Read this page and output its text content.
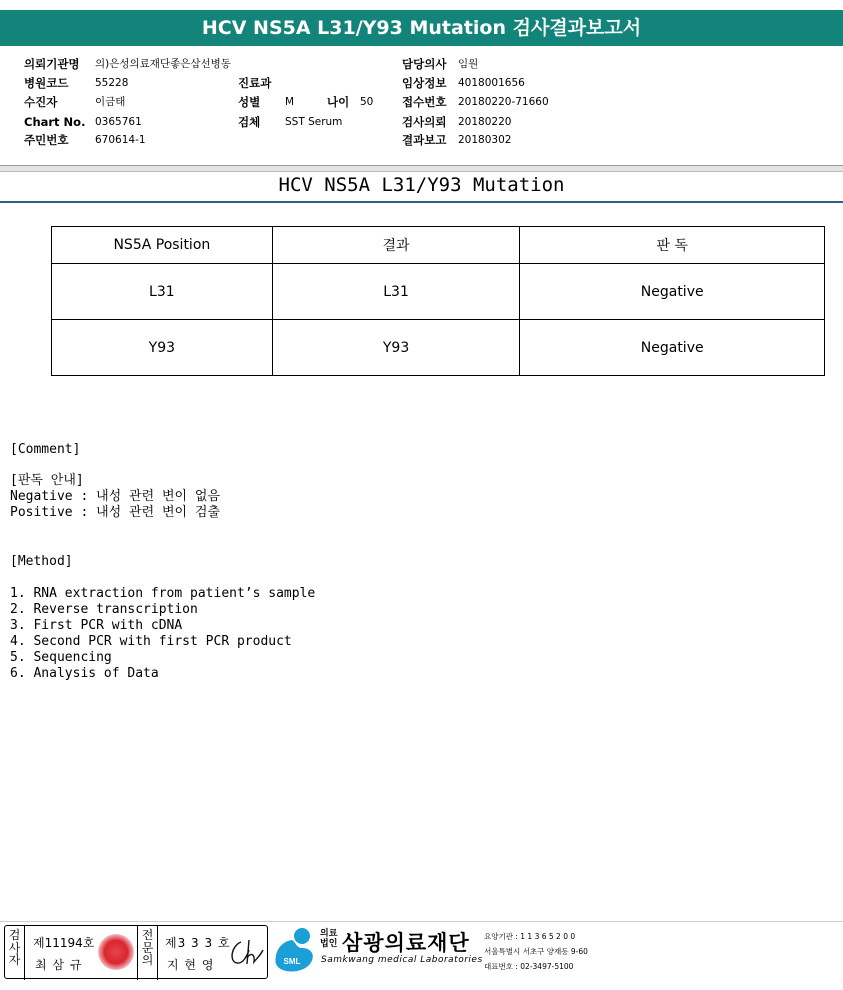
HCV NS5A L31/Y93 Mutation 검사결과보고서
의뢰기관명 의)은성의료재단좋은삼선병동	담당의사 임원
병원코드	55228	진료과	임상정보 4018001656
수진자	이금태	성별 M	나이 50 접수번호 20180220-71660
Chart No. 0365761	검체 SST Serum	검사의뢰 20180220
주민번호	670614-1	결과보고 20180302
HCV NS5A L31/Y93 Mutation
NS5A Position	결과	판 독
L31	L31	Negative
Y93	Y93	Negative
[Comment]
[판독 안내]
Negative : 내성 관련 변이 없음
Positive : 내성 관련 변이 검출
[Method]
1. RNA extraction from patient’s sample
2. Reverse transcription
3. First PCR with cDNA
4. Second PCR with first PCR product
5. Sequencing
6. Analysis of Data
검
사
자
제11194호
최 삼 규
전
문
의
제3 3 3 호
지 현 영	SML
의료
법인 삼광의료재단
Samkwang medical Laboratories
요양기관 : 1 1 3 6 5 2 0 0
서울특별시 서초구 양재동 9-60
대표번호 : 02-3497-5100
